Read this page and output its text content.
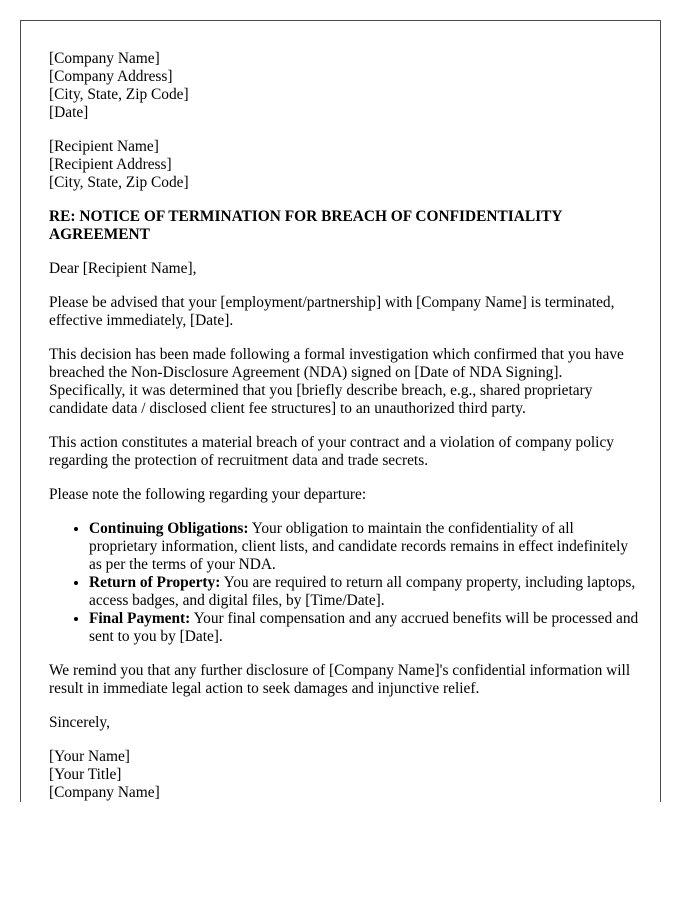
[Company Name]
[Company Address]
[City, State, Zip Code]
[Date]
[Recipient Name]
[Recipient Address]
[City, State, Zip Code]
RE: NOTICE OF TERMINATION FOR BREACH OF CONFIDENTIALITY AGREEMENT

Dear [Recipient Name],

Please be advised that your [employment/partnership] with [Company Name] is terminated, effective immediately, [Date].

This decision has been made following a formal investigation which confirmed that you have breached the Non-Disclosure Agreement (NDA) signed on [Date of NDA Signing]. Specifically, it was determined that you [briefly describe breach, e.g., shared proprietary candidate data / disclosed client fee structures] to an unauthorized third party.

This action constitutes a material breach of your contract and a violation of company policy regarding the protection of recruitment data and trade secrets.

Please note the following regarding your departure:

• Continuing Obligations: Your obligation to maintain the confidentiality of all proprietary information, client lists, and candidate records remains in effect indefinitely as per the terms of your NDA.
• Return of Property: You are required to return all company property, including laptops, access badges, and digital files, by [Time/Date].
• Final Payment: Your final compensation and any accrued benefits will be processed and sent to you by [Date].

We remind you that any further disclosure of [Company Name]'s confidential information will result in immediate legal action to seek damages and injunctive relief.

Sincerely,

[Your Name]
[Your Title]
[Company Name]
